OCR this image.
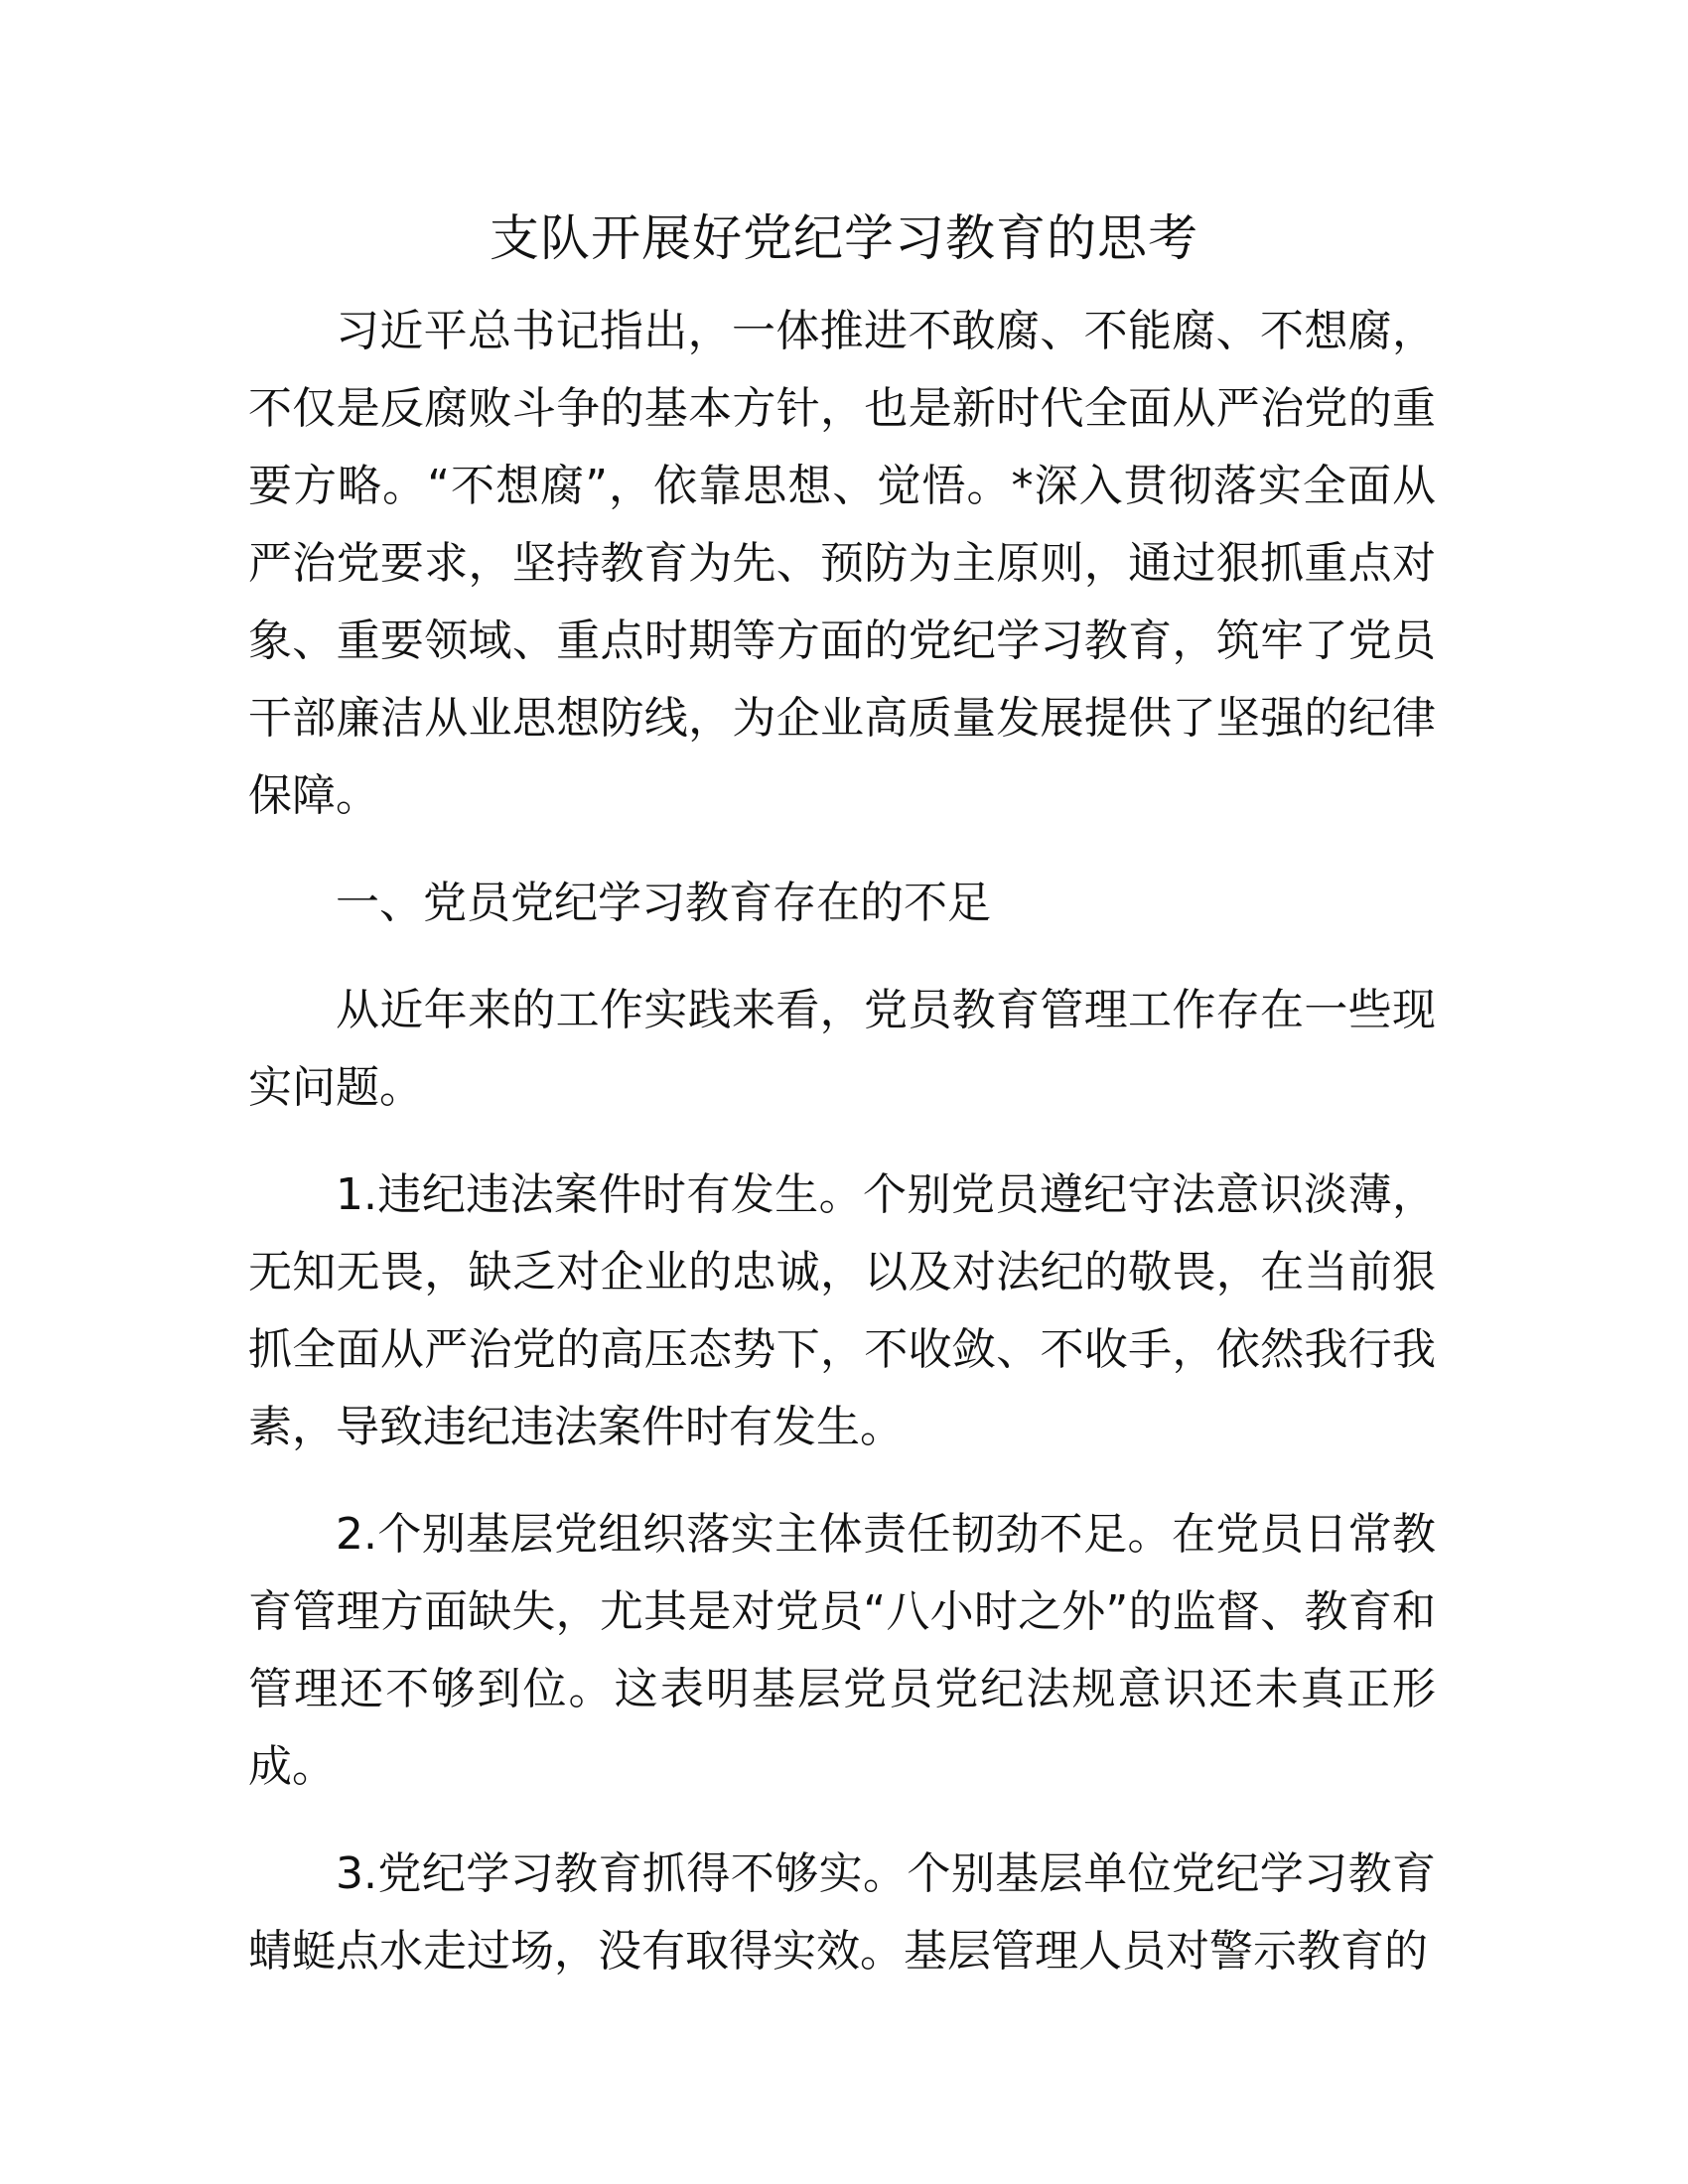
支队开展好党纪学习教育的思考

习近平总书记指出，一体推进不敢腐、不能腐、不想腐，不仅是反腐败斗争的基本方针，也是新时代全面从严治党的重要方略。“不想腐”，依靠思想、觉悟。*深入贯彻落实全面从严治党要求，坚持教育为先、预防为主原则，通过狠抓重点对象、重要领域、重点时期等方面的党纪学习教育，筑牢了党员干部廉洁从业思想防线，为企业高质量发展提供了坚强的纪律保障。

一、党员党纪学习教育存在的不足

从近年来的工作实践来看，党员教育管理工作存在一些现实问题。

1.违纪违法案件时有发生。个别党员遵纪守法意识淡薄，无知无畏，缺乏对企业的忠诚，以及对法纪的敬畏，在当前狠抓全面从严治党的高压态势下，不收敛、不收手，依然我行我素，导致违纪违法案件时有发生。

2.个别基层党组织落实主体责任韧劲不足。在党员日常教育管理方面缺失，尤其是对党员“八小时之外”的监督、教育和管理还不够到位。这表明基层党员党纪法规意识还未真正形成。

3.党纪学习教育抓得不够实。个别基层单位党纪学习教育蜻蜓点水走过场，没有取得实效。基层管理人员对警示教育的
